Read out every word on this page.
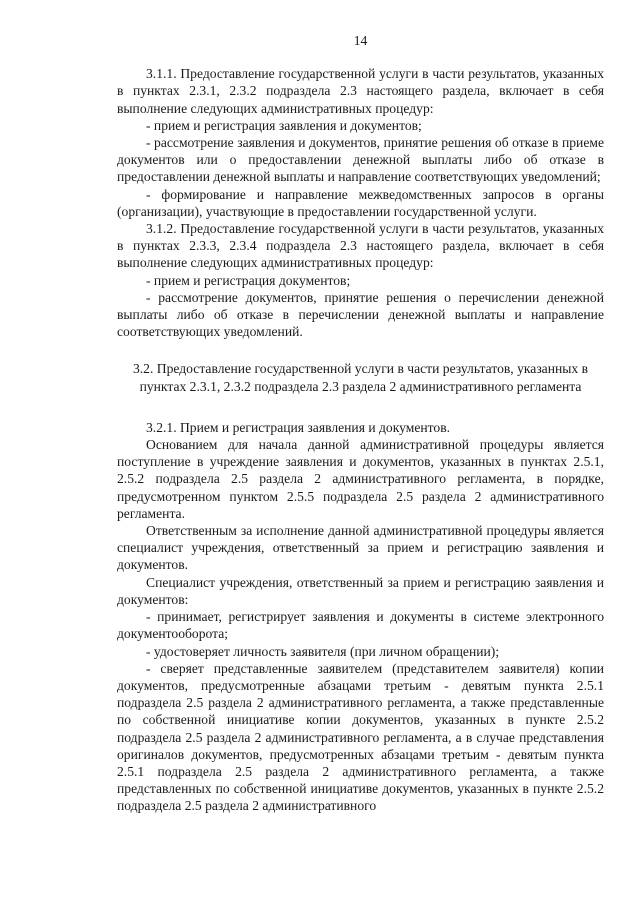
14

3.1.1. Предоставление государственной услуги в части результатов, указанных в пунктах 2.3.1, 2.3.2 подраздела 2.3 настоящего раздела, включает в себя выполнение следующих административных процедур:

- прием и регистрация заявления и документов;

- рассмотрение заявления и документов, принятие решения об отказе в приеме документов или о предоставлении денежной выплаты либо об отказе в предоставлении денежной выплаты и направление соответствующих уведомлений;

- формирование и направление межведомственных запросов в органы (организации), участвующие в предоставлении государственной услуги.

3.1.2. Предоставление государственной услуги в части результатов, указанных в пунктах 2.3.3, 2.3.4 подраздела 2.3 настоящего раздела, включает в себя выполнение следующих административных процедур:

- прием и регистрация документов;

- рассмотрение документов, принятие решения о перечислении денежной выплаты либо об отказе в перечислении денежной выплаты и направление соответствующих уведомлений.

3.2. Предоставление государственной услуги в части результатов, указанных в пунктах 2.3.1, 2.3.2 подраздела 2.3 раздела 2 административного регламента

3.2.1. Прием и регистрация заявления и документов.

Основанием для начала данной административной процедуры является поступление в учреждение заявления и документов, указанных в пунктах 2.5.1, 2.5.2 подраздела 2.5 раздела 2 административного регламента, в порядке, предусмотренном пунктом 2.5.5 подраздела 2.5 раздела 2 административного регламента.

Ответственным за исполнение данной административной процедуры является специалист учреждения, ответственный за прием и регистрацию заявления и документов.

Специалист учреждения, ответственный за прием и регистрацию заявления и документов:

- принимает, регистрирует заявления и документы в системе электронного документооборота;

- удостоверяет личность заявителя (при личном обращении);

- сверяет представленные заявителем (представителем заявителя) копии документов, предусмотренные абзацами третьим - девятым пункта 2.5.1 подраздела 2.5 раздела 2 административного регламента, а также представленные по собственной инициативе копии документов, указанных в пункте 2.5.2 подраздела 2.5 раздела 2 административного регламента, а в случае представления оригиналов документов, предусмотренных абзацами третьим - девятым пункта 2.5.1 подраздела 2.5 раздела 2 административного регламента, а также представленных по собственной инициативе документов, указанных в пункте 2.5.2 подраздела 2.5 раздела 2 административного
